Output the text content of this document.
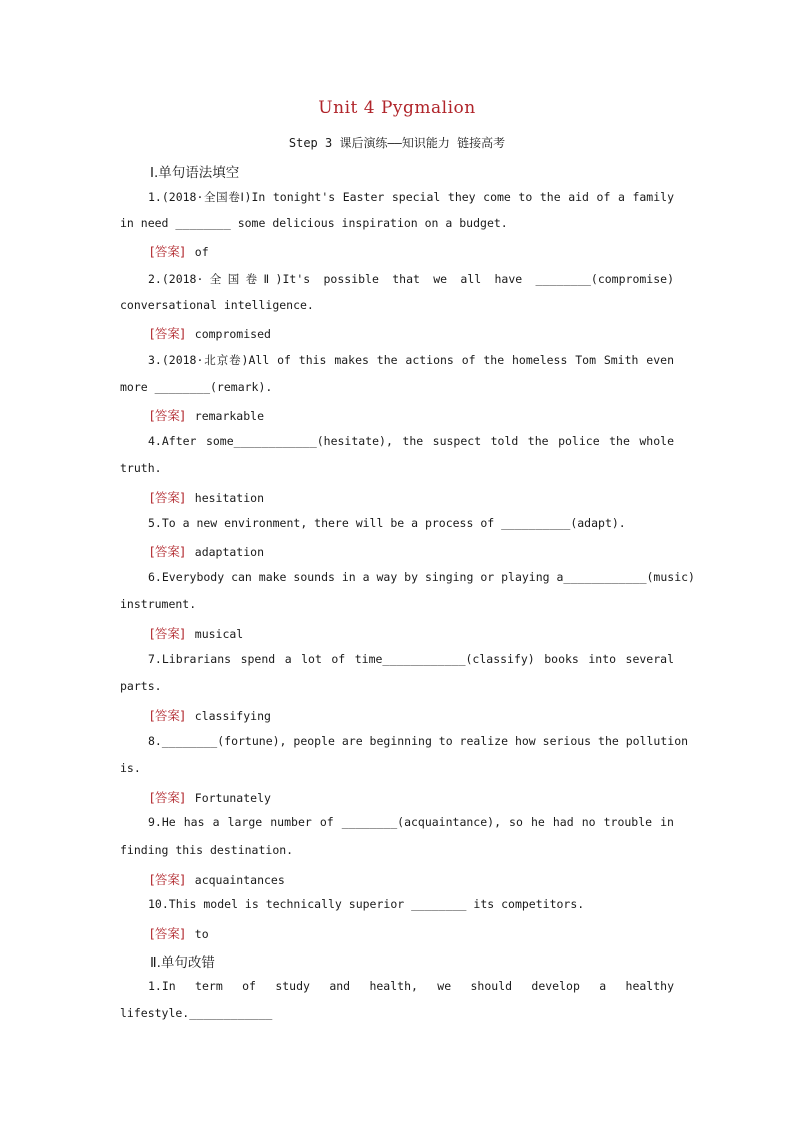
Unit 4 Pygmalion
Step 3 课后演练——知识能力 链接高考
Ⅰ.单句语法填空
1.(2018·全国卷Ⅰ)In tonight's Easter special they come to the aid of a family
in need ________ some delicious inspiration on a budget.
[答案] of
2.(2018·全国卷Ⅱ)It's possible that we all have ________(compromise)
conversational intelligence.
[答案] compromised
3.(2018·北京卷)All of this makes the actions of the homeless Tom Smith even
more ________(remark).
[答案] remarkable
4.After some____________(hesitate), the suspect told the police the whole
truth.
[答案] hesitation
5.To a new environment, there will be a process of __________(adapt).
[答案] adaptation
6.Everybody can make sounds in a way by singing or playing a____________(music)
instrument.
[答案] musical
7.Librarians spend a lot of time____________(classify) books into several
parts.
[答案] classifying
8.________(fortune), people are beginning to realize how serious the pollution
is.
[答案] Fortunately
9.He has a large number of ________(acquaintance), so he had no trouble in
finding this destination.
[答案] acquaintances
10.This model is technically superior ________ its competitors.
[答案] to
Ⅱ.单句改错
1.In term of study and health, we should develop a healthy
lifestyle.____________
